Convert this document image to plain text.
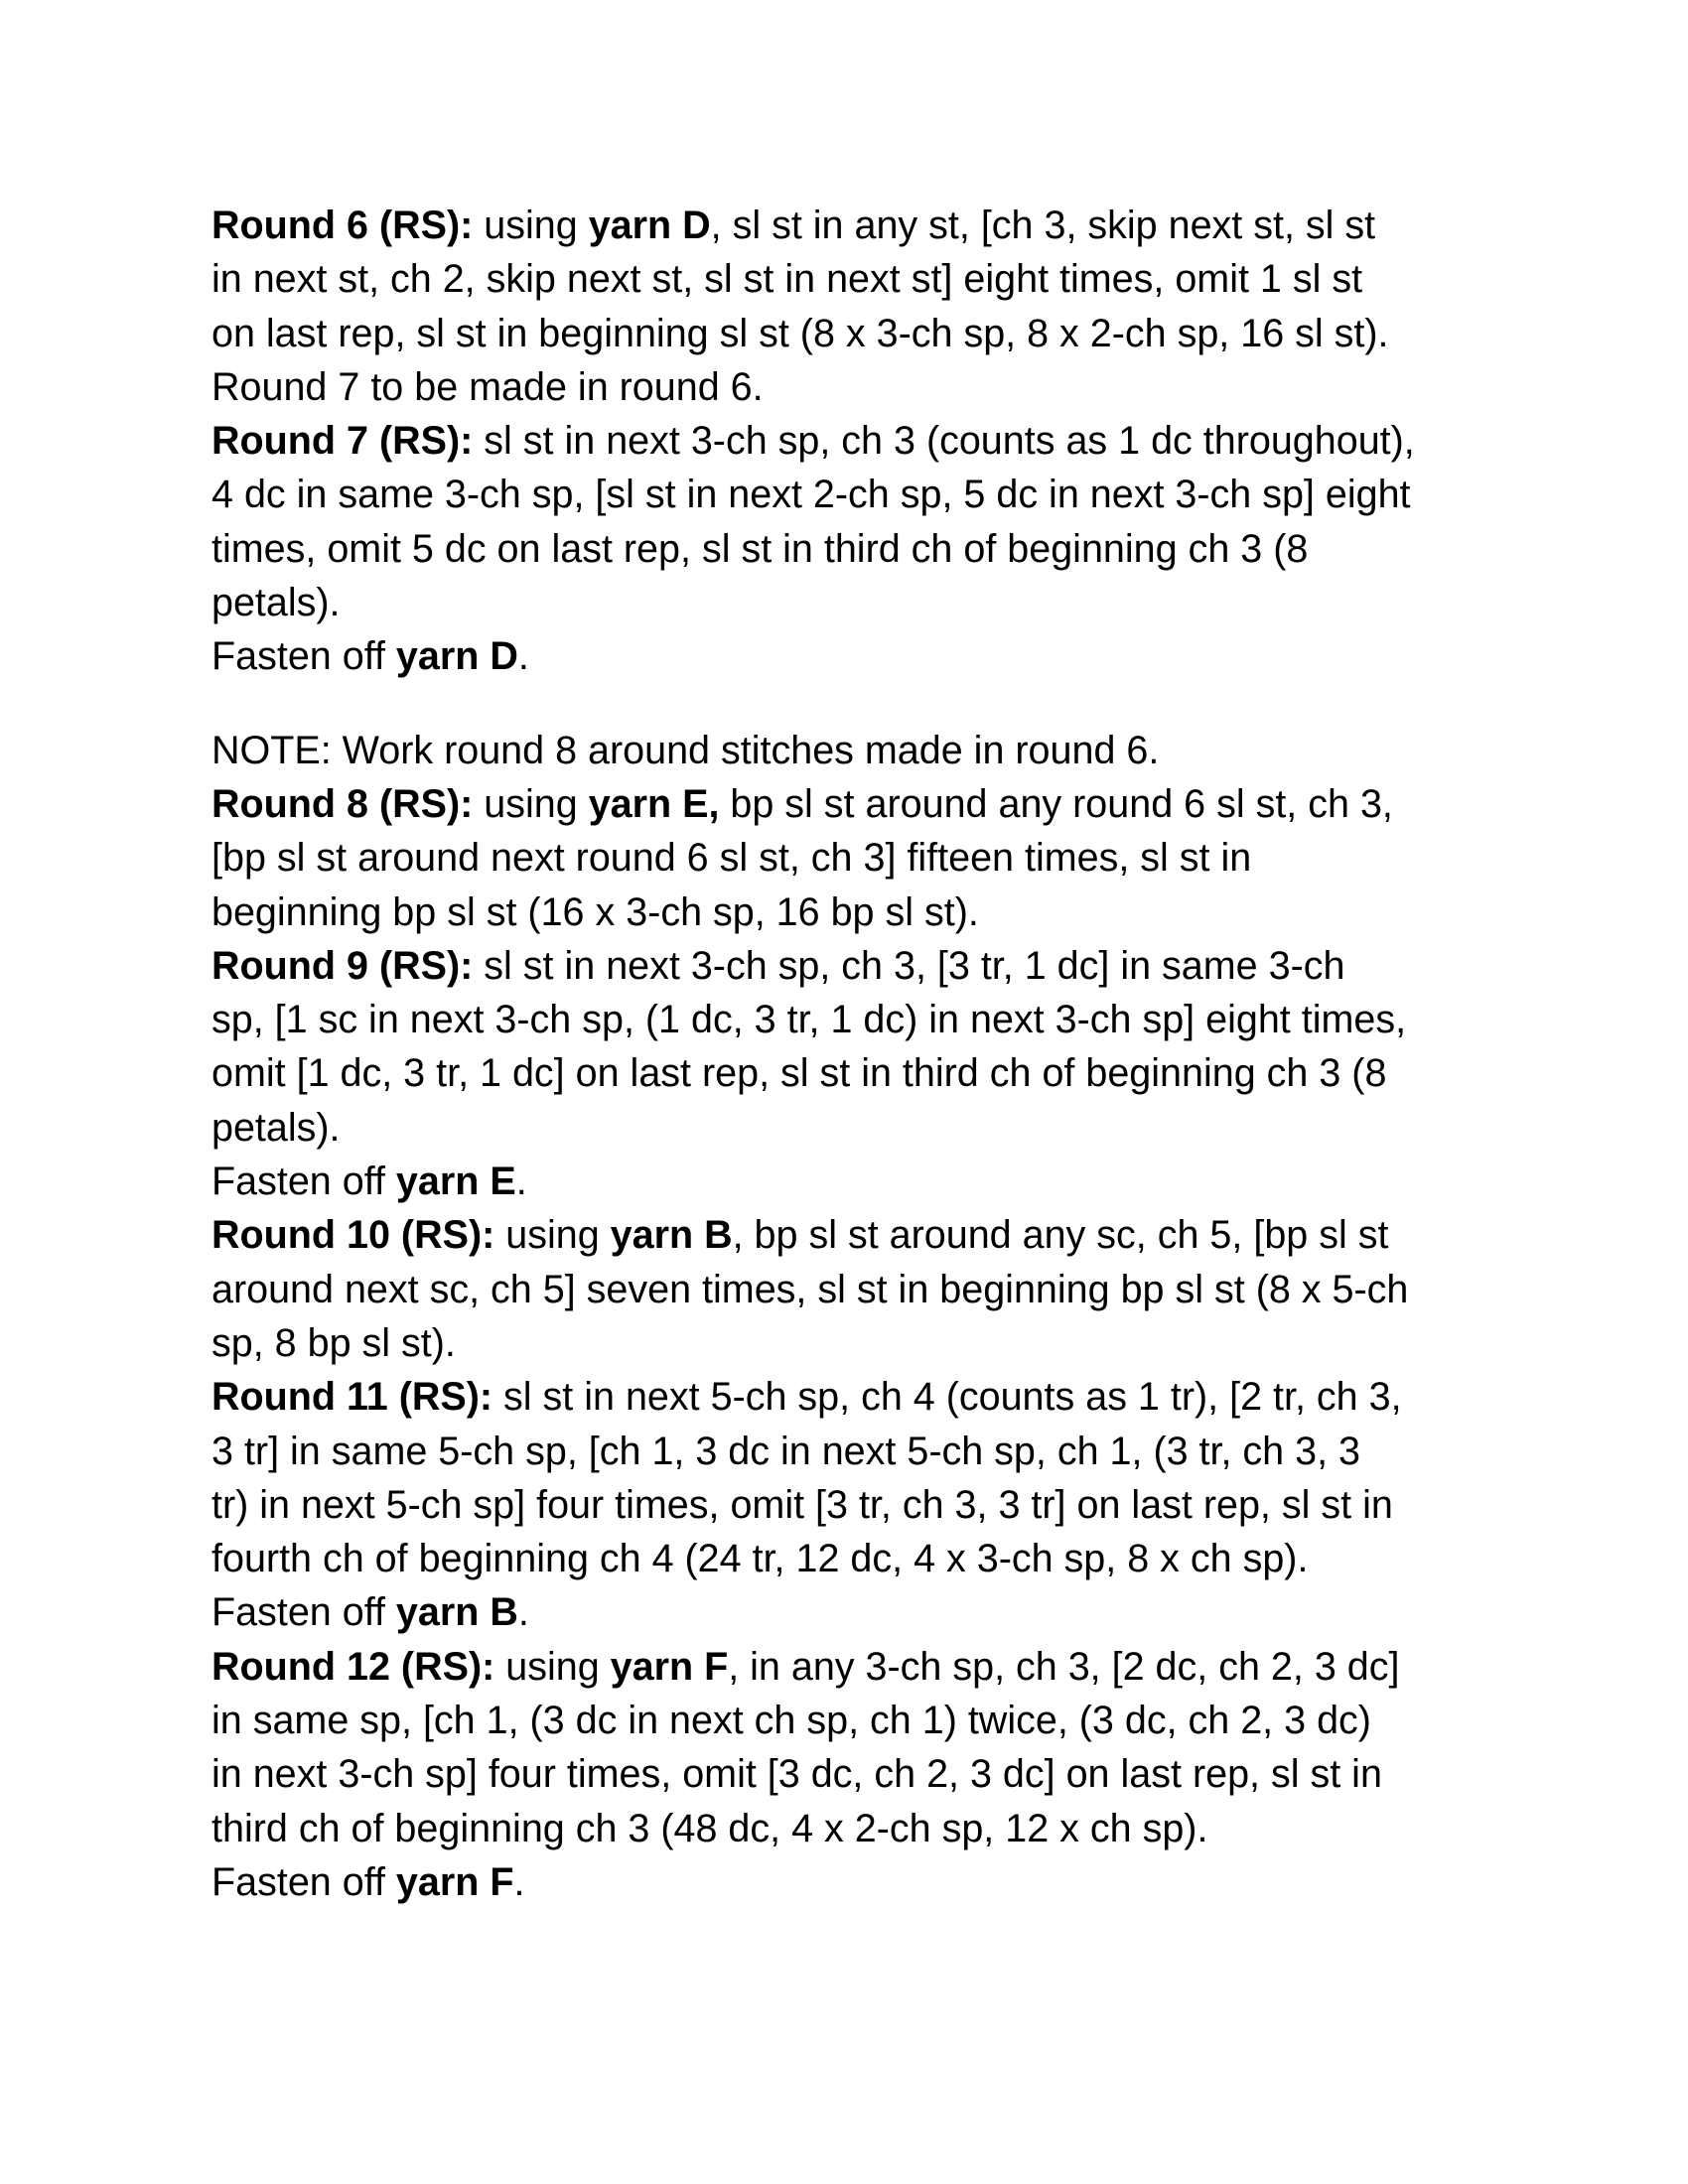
Round 6 (RS): using yarn D, sl st in any st, [ch 3, skip next st, sl st
in next st, ch 2, skip next st, sl st in next st] eight times, omit 1 sl st
on last rep, sl st in beginning sl st (8 x 3-ch sp, 8 x 2-ch sp, 16 sl st).
Round 7 to be made in round 6.
Round 7 (RS): sl st in next 3-ch sp, ch 3 (counts as 1 dc throughout),
4 dc in same 3-ch sp, [sl st in next 2-ch sp, 5 dc in next 3-ch sp] eight
times, omit 5 dc on last rep, sl st in third ch of beginning ch 3 (8
petals).
Fasten off yarn D.
NOTE: Work round 8 around stitches made in round 6.
Round 8 (RS): using yarn E, bp sl st around any round 6 sl st, ch 3,
[bp sl st around next round 6 sl st, ch 3] fifteen times, sl st in
beginning bp sl st (16 x 3-ch sp, 16 bp sl st).
Round 9 (RS): sl st in next 3-ch sp, ch 3, [3 tr, 1 dc] in same 3-ch
sp, [1 sc in next 3-ch sp, (1 dc, 3 tr, 1 dc) in next 3-ch sp] eight times,
omit [1 dc, 3 tr, 1 dc] on last rep, sl st in third ch of beginning ch 3 (8
petals).
Fasten off yarn E.
Round 10 (RS): using yarn B, bp sl st around any sc, ch 5, [bp sl st
around next sc, ch 5] seven times, sl st in beginning bp sl st (8 x 5-ch
sp, 8 bp sl st).
Round 11 (RS): sl st in next 5-ch sp, ch 4 (counts as 1 tr), [2 tr, ch 3,
3 tr] in same 5-ch sp, [ch 1, 3 dc in next 5-ch sp, ch 1, (3 tr, ch 3, 3
tr) in next 5-ch sp] four times, omit [3 tr, ch 3, 3 tr] on last rep, sl st in
fourth ch of beginning ch 4 (24 tr, 12 dc, 4 x 3-ch sp, 8 x ch sp).
Fasten off yarn B.
Round 12 (RS): using yarn F, in any 3-ch sp, ch 3, [2 dc, ch 2, 3 dc]
in same sp, [ch 1, (3 dc in next ch sp, ch 1) twice, (3 dc, ch 2, 3 dc)
in next 3-ch sp] four times, omit [3 dc, ch 2, 3 dc] on last rep, sl st in
third ch of beginning ch 3 (48 dc, 4 x 2-ch sp, 12 x ch sp).
Fasten off yarn F.
